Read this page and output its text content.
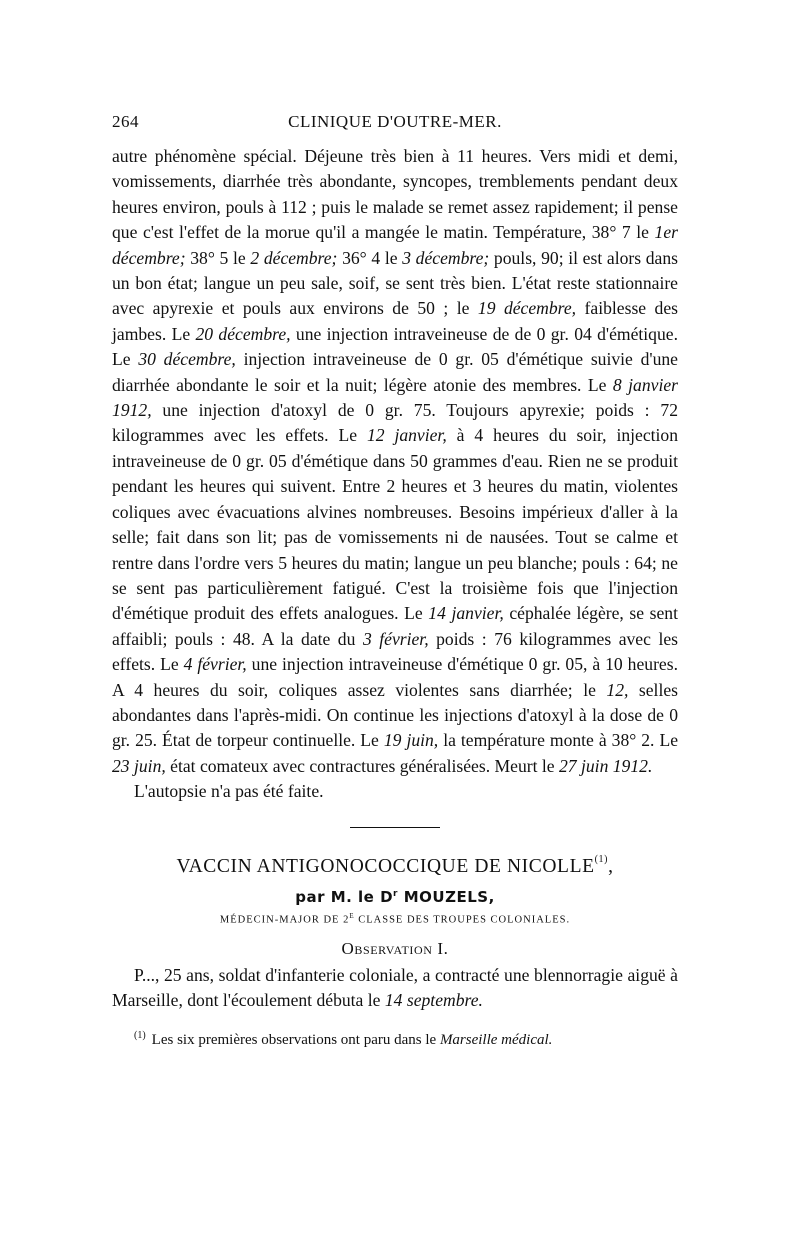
264	CLINIQUE D'OUTRE-MER.

autre phénomène spécial. Déjeune très bien à 11 heures. Vers midi et demi, vomissements, diarrhée très abondante, syncopes, tremblements pendant deux heures environ, pouls à 112 ; puis le malade se remet assez rapidement; il pense que c'est l'effet de la morue qu'il a mangée le matin. Température, 38° 7 le 1er décembre; 38° 5 le 2 décembre; 36° 4 le 3 décembre; pouls, 90; il est alors dans un bon état; langue un peu sale, soif, se sent très bien. L'état reste stationnaire avec apyrexie et pouls aux environs de 50 ; le 19 décembre, faiblesse des jambes. Le 20 décembre, une injection intraveineuse de de 0 gr. 04 d'émétique. Le 30 décembre, injection intraveineuse de 0 gr. 05 d'émétique suivie d'une diarrhée abondante le soir et la nuit; légère atonie des membres. Le 8 janvier 1912, une injection d'atoxyl de 0 gr. 75. Toujours apyrexie; poids : 72 kilogrammes avec les effets. Le 12 janvier, à 4 heures du soir, injection intraveineuse de 0 gr. 05 d'émétique dans 50 grammes d'eau. Rien ne se produit pendant les heures qui suivent. Entre 2 heures et 3 heures du matin, violentes coliques avec évacuations alvines nombreuses. Besoins impérieux d'aller à la selle; fait dans son lit; pas de vomissements ni de nausées. Tout se calme et rentre dans l'ordre vers 5 heures du matin; langue un peu blanche; pouls : 64; ne se sent pas particulièrement fatigué. C'est la troisième fois que l'injection d'émétique produit des effets analogues. Le 14 janvier, céphalée légère, se sent affaibli; pouls : 48. A la date du 3 février, poids : 76 kilogrammes avec les effets. Le 4 février, une injection intraveineuse d'émétique 0 gr. 05, à 10 heures. A 4 heures du soir, coliques assez violentes sans diarrhée; le 12, selles abondantes dans l'après-midi. On continue les injections d'atoxyl à la dose de 0 gr. 25. État de torpeur continuelle. Le 19 juin, la température monte à 38° 2. Le 23 juin, état comateux avec contractures généralisées. Meurt le 27 juin 1912.

L'autopsie n'a pas été faite.

VACCIN ANTIGONOCOCCIQUE DE NICOLLE$^{(1)}$,
par M. le $D^r$ MOUZELS,
MÉDECIN-MAJOR DE $2^E$ CLASSE DES TROUPES COLONIALES.
Observation I.

P..., 25 ans, soldat d'infanterie coloniale, a contracté une blennorragie aiguë à Marseille, dont l'écoulement débuta le 14 septembre.

$^{(1)}$ Les six premières observations ont paru dans le Marseille médical.
